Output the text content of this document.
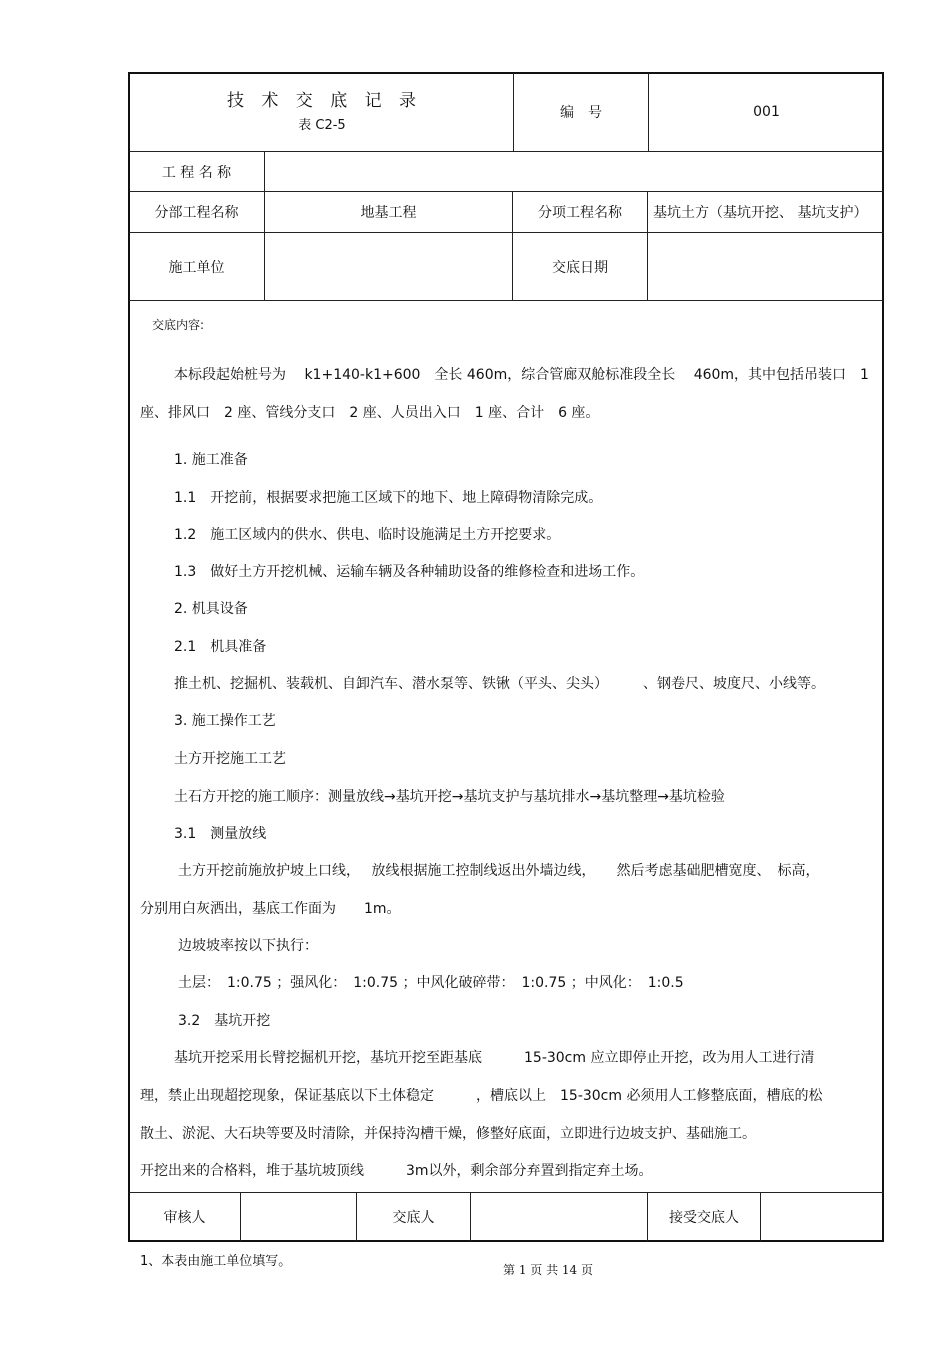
技 术 交 底 记 录
表 C2-5
编　号	001
工 程 名 称
分部工程名称	地基工程	分项工程名称	基坑土方（基坑开挖、 基坑支护）
施工单位	交底日期
交底内容:
本标段起始桩号为　 k1+140-k1+600　全长 460m，综合管廊双舱标准段全长　 460m，其中包括吊装口　1
座、排风口　2 座、管线分支口　2 座、人员出入口　1 座、合计　6 座。
1. 施工准备
1.1　开挖前，根据要求把施工区域下的地下、地上障碍物清除完成。
1.2　施工区域内的供水、供电、临时设施满足土方开挖要求。
1.3　做好土方开挖机械、运输车辆及各种辅助设备的维修检查和进场工作。
2. 机具设备
2.1　机具准备
推土机、挖掘机、装载机、自卸汽车、潜水泵等、铁锹（平头、尖头）　　　、钢卷尺、坡度尺、小线等。
3. 施工操作工艺
土方开挖施工工艺
土石方开挖的施工顺序：测量放线→基坑开挖→基坑支护与基坑排水→基坑整理→基坑检验
3.1　测量放线
土方开挖前施放护坡上口线，　 放线根据施工控制线返出外墙边线，　　然后考虑基础肥槽宽度、　标高，
分别用白灰洒出，基底工作面为　　1m。
边坡坡率按以下执行：
土层：　1:0.75 ；强风化：　1:0.75 ；中风化破碎带：　1:0.75 ；中风化：　1:0.5
3.2　基坑开挖
基坑开挖采用长臂挖掘机开挖，基坑开挖至距基底　　　15-30cm 应立即停止开挖，改为用人工进行清
理，禁止出现超挖现象，保证基底以下土体稳定　　　，槽底以上　15-30cm 必须用人工修整底面，槽底的松
散土、淤泥、大石块等要及时清除，并保持沟槽干燥，修整好底面，立即进行边坡支护、基础施工。
开挖出来的合格料，堆于基坑坡顶线　　　3m以外，剩余部分弃置到指定弃土场。
审核人	交底人	接受交底人
1、本表由施工单位填写。
第 1 页 共 14 页
